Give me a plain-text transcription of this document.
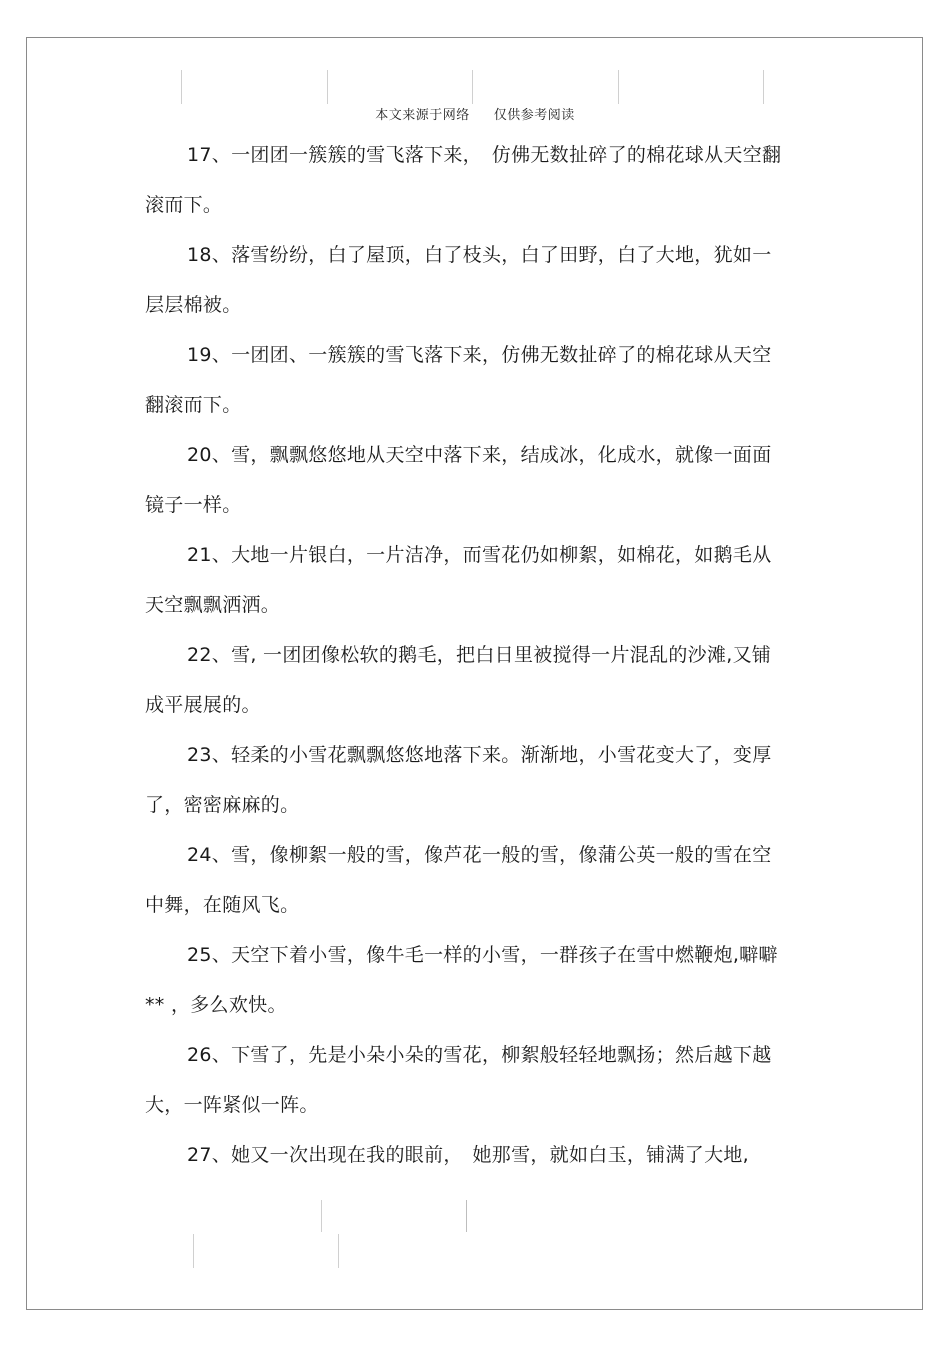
本文来源于网络 仅供参考阅读

17、一团团一簇簇的雪飞落下来，　仿佛无数扯碎了的棉花球从天空翻滚而下。

18、落雪纷纷，白了屋顶，白了枝头，白了田野，白了大地，犹如一层层棉被。

19、一团团、一簇簇的雪飞落下来，仿佛无数扯碎了的棉花球从天空翻滚而下。

20、雪，飘飘悠悠地从天空中落下来，结成冰，化成水，就像一面面镜子一样。

21、大地一片银白，一片洁净，而雪花仍如柳絮，如棉花，如鹅毛从天空飘飘洒洒。

22、雪, 一团团像松软的鹅毛，把白日里被搅得一片混乱的沙滩,又铺成平展展的。

23、轻柔的小雪花飘飘悠悠地落下来。渐渐地，小雪花变大了，变厚了，密密麻麻的。

24、雪，像柳絮一般的雪，像芦花一般的雪，像蒲公英一般的雪在空中舞，在随风飞。

25、天空下着小雪，像牛毛一样的小雪，一群孩子在雪中燃鞭炮,噼噼 ** ，多么欢快。

26、下雪了，先是小朵小朵的雪花，柳絮般轻轻地飘扬；然后越下越大，一阵紧似一阵。

27、她又一次出现在我的眼前，　她那雪，就如白玉，铺满了大地,
